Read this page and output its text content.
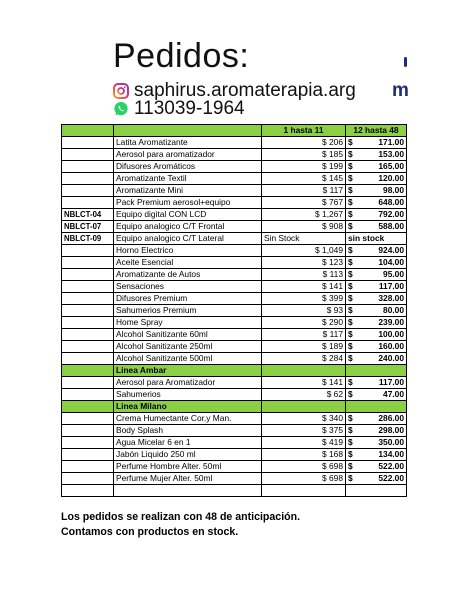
Pedidos:
saphirus.aromaterapia.arg m
113039-1964
		1 hasta 11	12 hasta 48
	Latita Aromatizante	$ 206	$ 171.00

	Aerosol para aromatizador	$ 185	$ 153.00

	Difusores Aromáticos	$ 199	$ 165.00

	Aromatizante Textil	$ 145	$ 120.00

	Aromatizante Mini	$ 117	$ 98.00

	Pack Premium aerosol+equipo	$ 767	$ 648.00

NBLCT-04	Equipo digital CON LCD	$ 1,267	$ 792.00

NBLCT-07	Equipo analogico C/T Frontal	$ 908	$ 588.00

NBLCT-09	Equipo analogico C/T Lateral	Sin Stock	sin stock
	Horno Electrico	$ 1,049	$ 924.00

	Aceite Esencial	$ 123	$ 104.00

	Aromatizante de Autos	$ 113	$ 95.00

	Sensaciones	$ 141	$ 117.00

	Difusores Premium	$ 399	$ 328.00

	Sahumerios Premium	$ 93	$ 80.00

	Home Spray	$ 290	$ 239.00

	Alcohol Sanitizante 60ml	$ 117	$ 100.00

	Alcohol Sanitizante 250ml	$ 189	$ 160.00

	Alcohol Sanitizante 500ml	$ 284	$ 240.00

	Linea Ambar		
	Aerosol para Aromatizador	$ 141	$ 117.00

	Sahumerios	$ 62	$ 47.00

	Linea Milano		
	Crema Humectante Cor.y Man.	$ 340	$ 286.00

	Body Splash	$ 375	$ 298.00

	Agua Micelar 6 en 1	$ 419	$ 350.00

	Jabón Liquido 250 ml	$ 168	$ 134.00

	Perfume Hombre Alter. 50ml	$ 698	$ 522.00

	Perfume Mujer Alter. 50ml	$ 698	$ 522.00

Los pedidos se realizan con 48 de anticipación.
Contamos con productos en stock.
